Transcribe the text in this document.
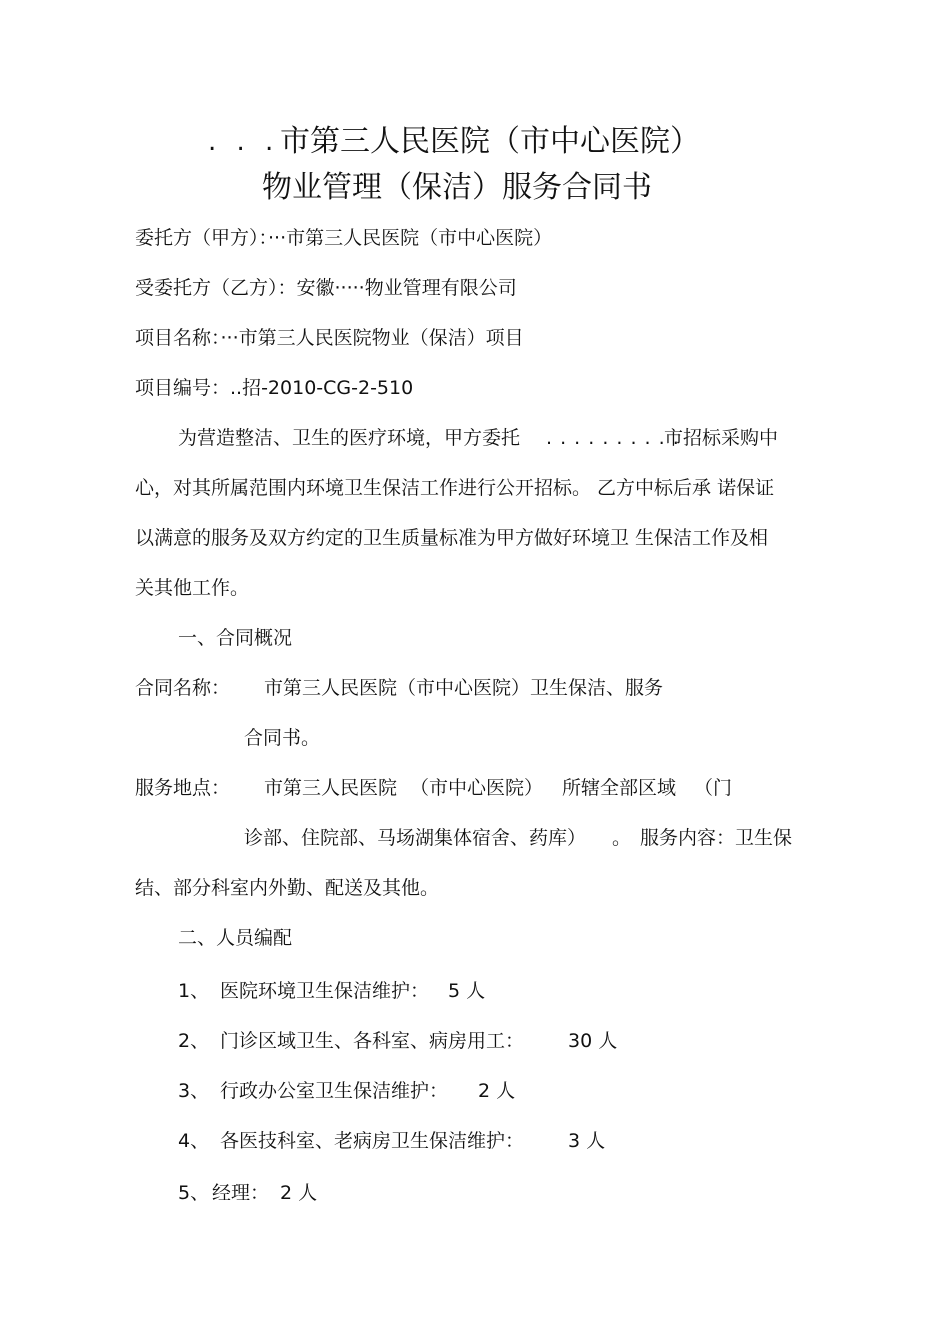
. . . 市第三人民医院（市中心医院）
物业管理（保洁）服务合同书
委托方（甲方）：···市第三人民医院（市中心医院）
受委托方（乙方）：安徽·····物业管理有限公司
项目名称：···市第三人民医院物业（保洁）项目
项目编号：..招-2010-CG-2-510
为营造整洁、卫生的医疗环境，甲方委托 . . . . . . . . . .
市招标采购中
心，对其所属范围内环境卫生保洁工作进行公开招标。 乙方中标后承 诺保证
以满意的服务及双方约定的卫生质量标准为甲方做好环境卫 生保洁工作及相
关其他工作。
一、合同概况
合同名称： 市第三人民医院（市中心医院）卫生保洁、服务
合同书。
服务地点： 市第三人民医院 （市中心医院） 所辖全部区域 （门
诊部、住院部、马场湖集体宿舍、药库） 。 服务内容：卫生保
结、部分科室内外勤、配送及其他。
二、人员编配
1、 医院环境卫生保洁维护： 5 人
2、 门诊区域卫生、各科室、病房用工： 30 人
3、 行政办公室卫生保洁维护： 2 人
4、 各医技科室、老病房卫生保洁维护： 3 人
5、 经理： 2 人
